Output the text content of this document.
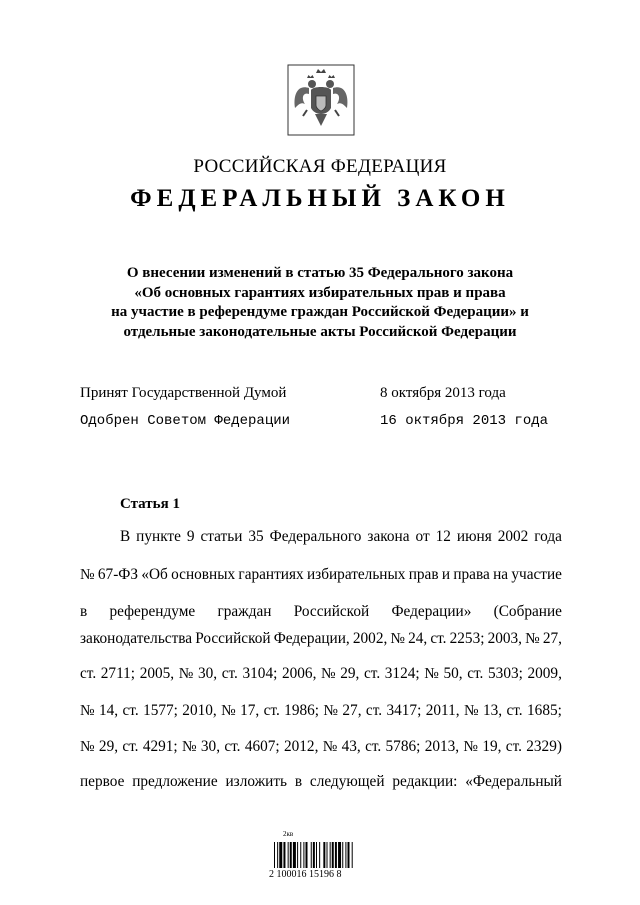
РОССИЙСКАЯ ФЕДЕРАЦИЯ
ФЕДЕРАЛЬНЫЙ ЗАКОН
О внесении изменений в статью 35 Федерального закона
«Об основных гарантиях избирательных прав и права
на участие в референдуме граждан Российской Федерации» и
отдельные законодательные акты Российской Федерации
Принят Государственной Думой	8 октября 2013 года
Одобрен Советом Федерации	16 октября 2013 года
Статья 1
В пункте 9 статьи 35 Федерального закона от 12 июня 2002 года
№ 67-ФЗ «Об основных гарантиях избирательных прав и права на участие
в референдуме граждан Российской Федерации» (Собрание
законодательства Российской Федерации, 2002, № 24, ст. 2253; 2003, № 27,
ст. 2711; 2005, № 30, ст. 3104; 2006, № 29, ст. 3124; № 50, ст. 5303; 2009,
№ 14, ст. 1577; 2010, № 17, ст. 1986; № 27, ст. 3417; 2011, № 13, ст. 1685;
№ 29, ст. 4291; № 30, ст. 4607; 2012, № 43, ст. 5786; 2013, № 19, ст. 2329)
первое предложение изложить в следующей редакции: «Федеральный
2кв
2 100016 15196 8
